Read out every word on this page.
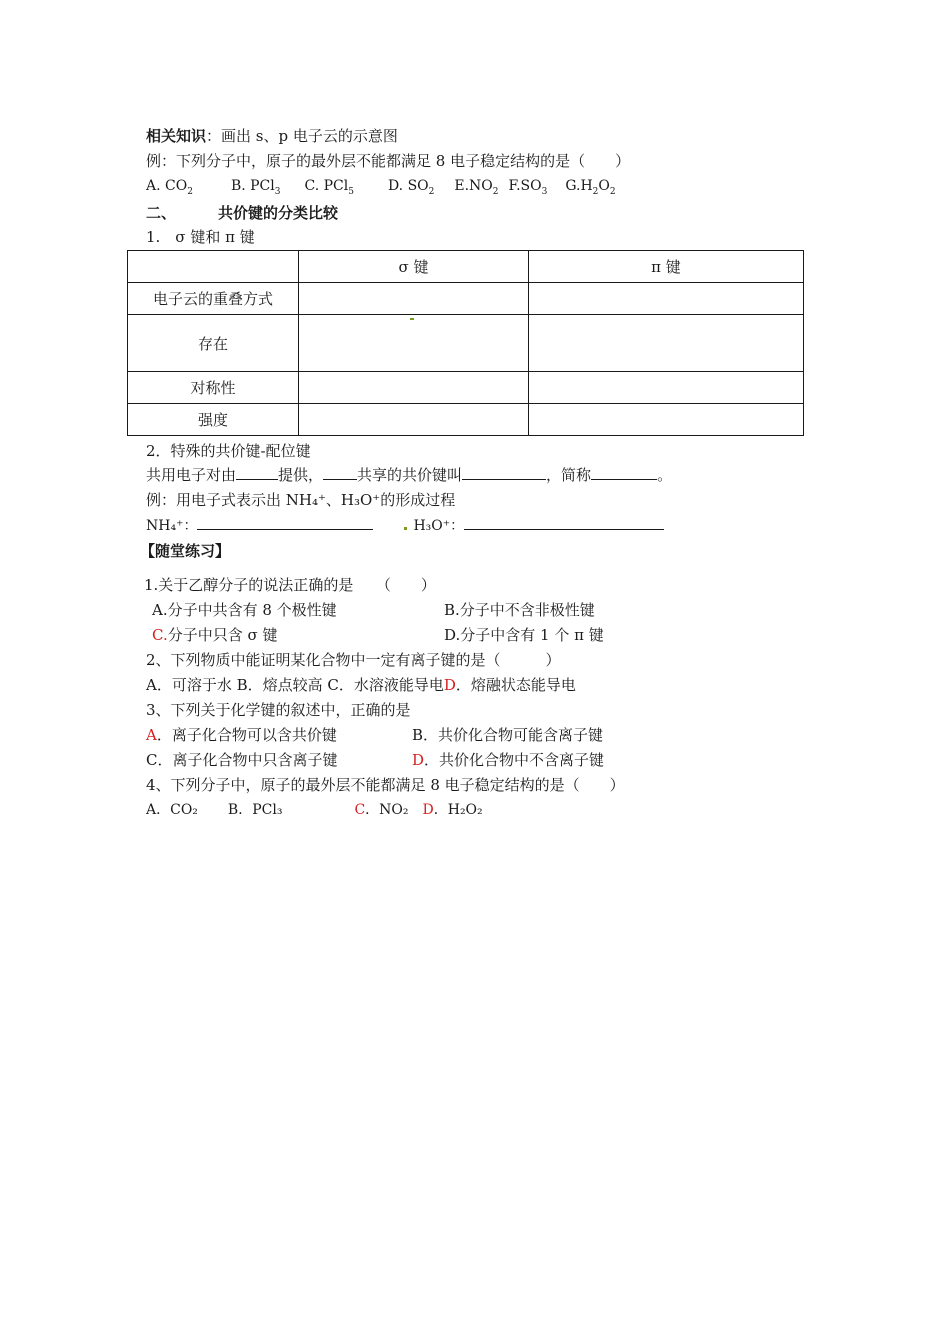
相关知识：画出 s、p 电子云的示意图
例：下列分子中，原子的最外层不能都满足 8 电子稳定结构的是（　　）
A. $CO_2$	B. PCl$_3$ C. PCl$_5$ D. $SO_2$ $E.NO_2$ $F.SO_3$ $G.H_2O_2$
二、	共价键的分类比较
1.　σ 键和 π 键
	σ 键	π 键
电子云的重叠方式		
存在		
对称性		
强度		
2．特殊的共价键-配位键
共用电子对由	提供， 共享的共价键叫	，简称	。
例：用电子式表示出 NH₄⁺、H₃O⁺的形成过程
NH₄⁺：	H₃O⁺：
【随堂练习】
1.关于乙醇分子的说法正确的是　　（　　）
A.分子中共含有 8 个极性键	B.分子中不含非极性键
C.分子中只含 σ 键	D.分子中含有 1 个 π 键
2、下列物质中能证明某化合物中一定有离子键的是（　　　）
A．可溶于水 B．熔点较高 C．水溶液能导电D．熔融状态能导电
3、下列关于化学键的叙述中，正确的是
A．离子化合物可以含共价键	B．共价化合物可能含离子键
C．离子化合物中只含离子键	D．共价化合物中不含离子键
4、下列分子中，原子的最外层不能都满足 8 电子稳定结构的是（　　）
A．CO₂ B．PCl₃	C．NO₂ D．H₂O₂
